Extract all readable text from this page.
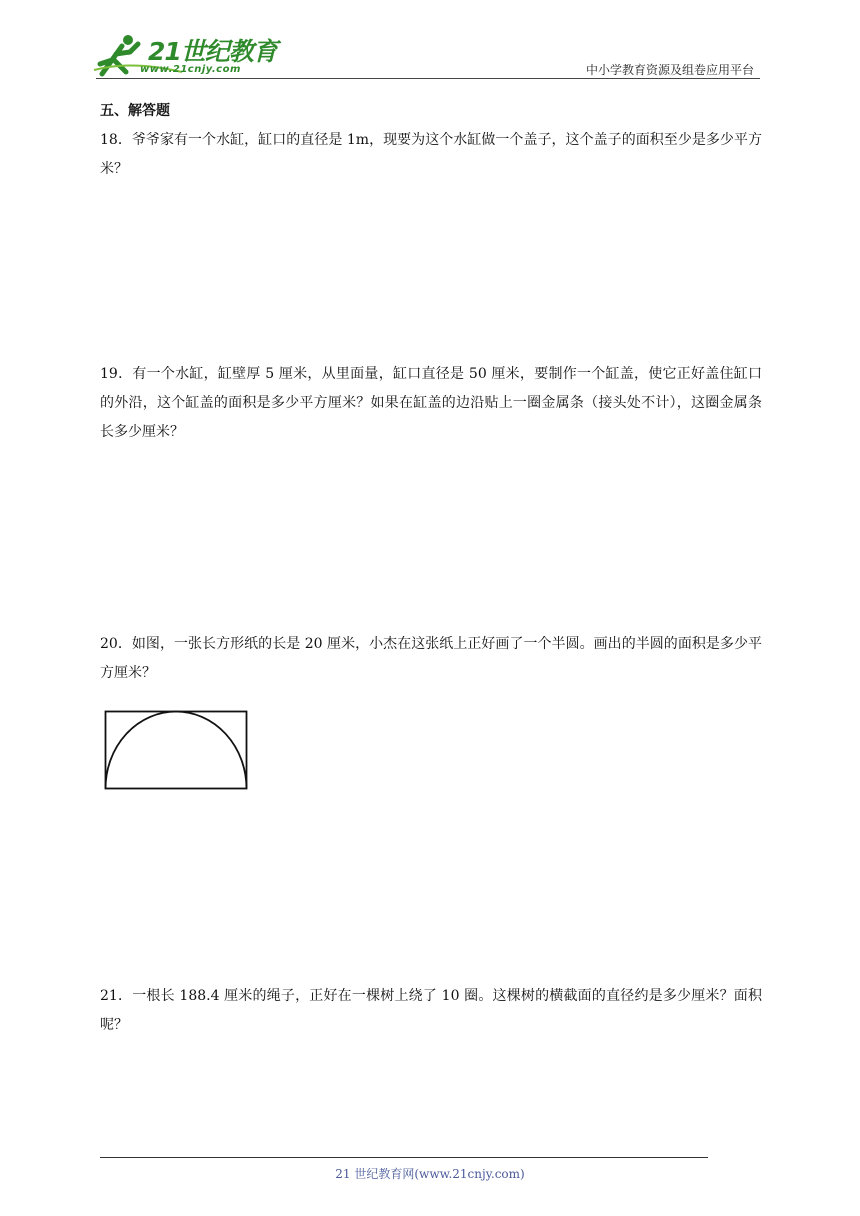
21世纪教育
www.21cnjy.com	中小学教育资源及组卷应用平台
五、解答题
18．爷爷家有一个水缸，缸口的直径是 1m，现要为这个水缸做一个盖子，这个盖子的面积至少是多少平方米？
19．有一个水缸，缸壁厚 5 厘米，从里面量，缸口直径是 50 厘米，要制作一个缸盖，使它正好盖住缸口的外沿，这个缸盖的面积是多少平方厘米？如果在缸盖的边沿贴上一圈金属条（接头处不计），这圈金属条长多少厘米？
20．如图，一张长方形纸的长是 20 厘米，小杰在这张纸上正好画了一个半圆。画出的半圆的面积是多少平方厘米？
21．一根长 188.4 厘米的绳子，正好在一棵树上绕了 10 圈。这棵树的横截面的直径约是多少厘米？面积呢？
21 世纪教育网(www.21cnjy.com)
